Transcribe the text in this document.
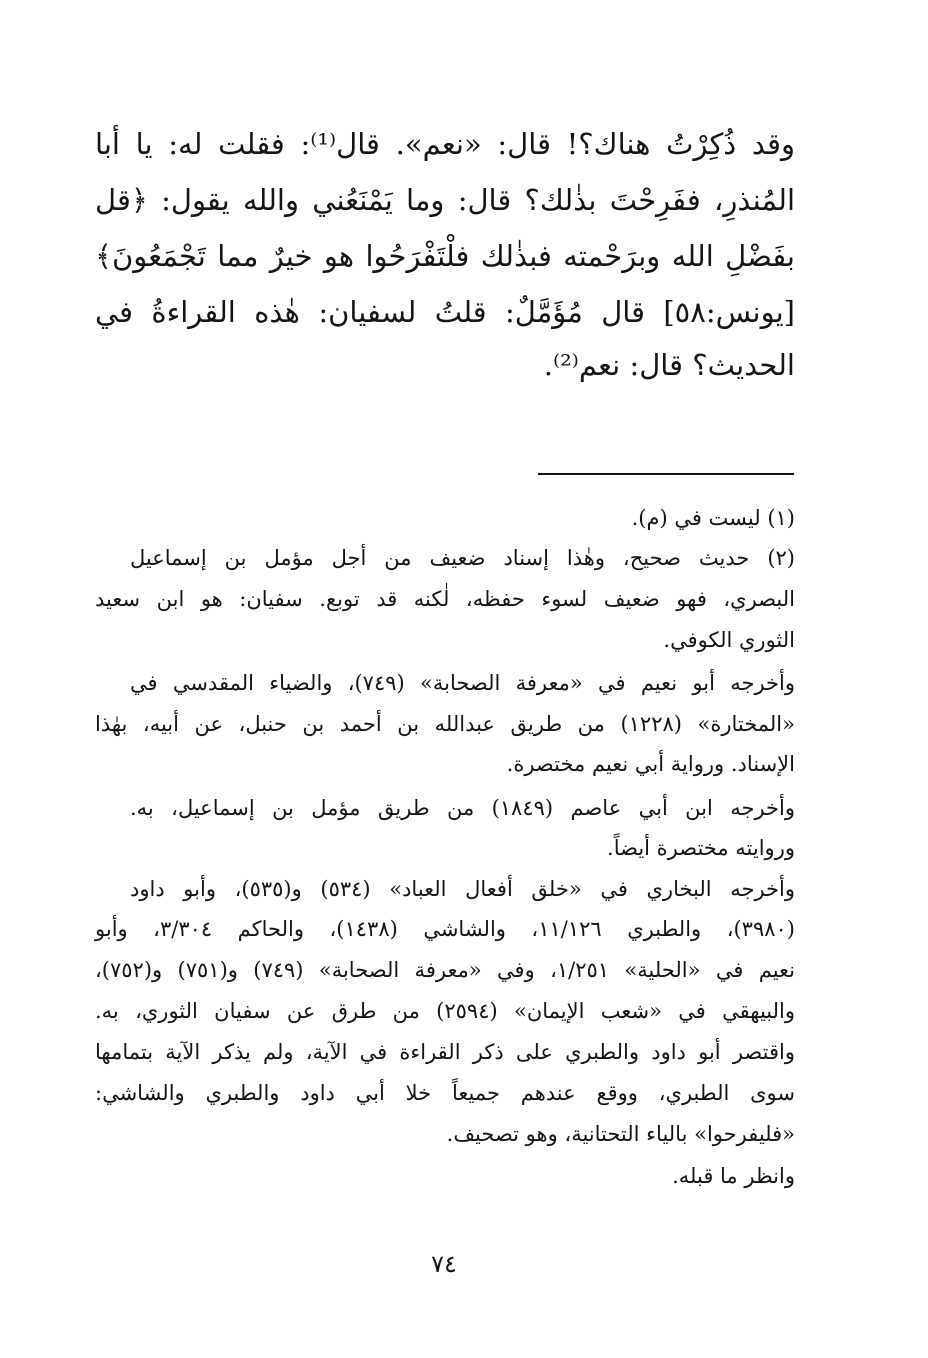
وقد ذُكِرْتُ هناك؟! قال: «نعم». قال⁽¹⁾: فقلت له: يا أبا
المُنذرِ، ففَرِحْتَ بذٰلك؟ قال: وما يَمْنَعُني والله يقول: ﴿قل
بفَضْلِ الله وبرَحْمته فبذٰلك فلْتَفْرَحُوا هو خيرٌ مما تَجْمَعُونَ﴾
[يونس:٥٨] قال مُؤَمَّلٌ: قلتُ لسفيان: هٰذه القراءةُ في
الحديث؟ قال: نعم⁽²⁾.
(١) ليست في (م).
(٢) حديث صحيح، وهٰذا إسناد ضعيف من أجل مؤمل بن إسماعيل
البصري، فهو ضعيف لسوء حفظه، لٰكنه قد توبع. سفيان: هو ابن سعيد
الثوري الكوفي.
وأخرجه أبو نعيم في «معرفة الصحابة» (٧٤٩)، والضياء المقدسي في
«المختارة» (١٢٢٨) من طريق عبدالله بن أحمد بن حنبل، عن أبيه، بهٰذا
الإسناد. ورواية أبي نعيم مختصرة.
وأخرجه ابن أبي عاصم (١٨٤٩) من طريق مؤمل بن إسماعيل، به.
وروايته مختصرة أيضاً.
وأخرجه البخاري في «خلق أفعال العباد» (٥٣٤) و(٥٣٥)، وأبو داود
(٣٩٨٠)، والطبري ١١/١٢٦، والشاشي (١٤٣٨)، والحاكم ٣/٣٠٤، وأبو
نعيم في «الحلية» ١/٢٥١، وفي «معرفة الصحابة» (٧٤٩) و(٧٥١) و(٧٥٢)،
والبيهقي في «شعب الإيمان» (٢٥٩٤) من طرق عن سفيان الثوري، به.
واقتصر أبو داود والطبري على ذكر القراءة في الآية، ولم يذكر الآية بتمامها
سوى الطبري، ووقع عندهم جميعاً خلا أبي داود والطبري والشاشي:
«فليفرحوا» بالياء التحتانية، وهو تصحيف.
وانظر ما قبله.
٧٤
